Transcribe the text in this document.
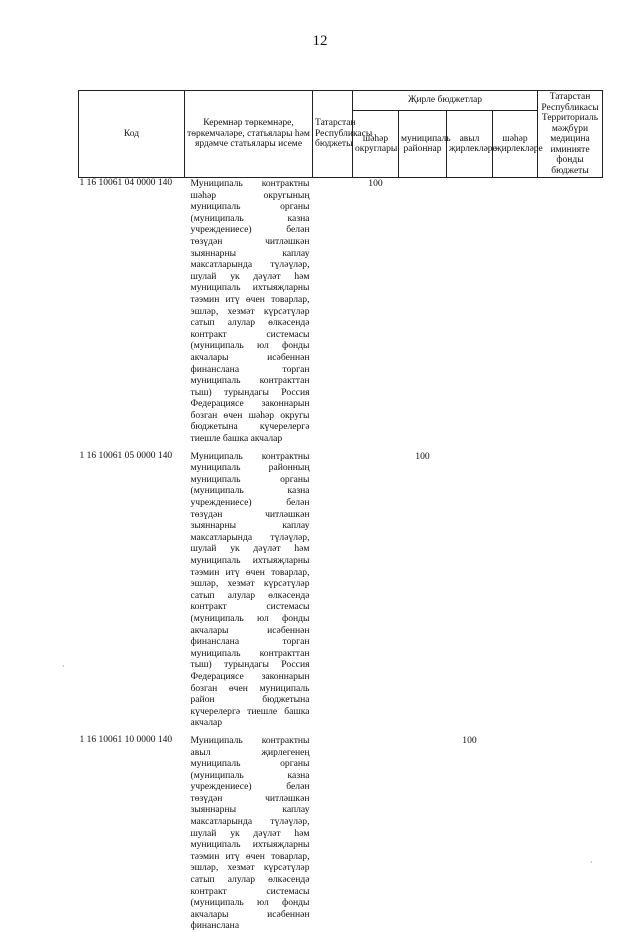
12
Код	Керемнәр төркемнәре, төркемчәләре, статьялары һәм ярдәмче статьялары исеме	Татарстан Республикасы бюджеты	Җирле бюджетлар				Татарстан Республикасы Территориаль мәҗбүри медицина иминияте фонды бюджеты
			шәһәр округлары	муниципаль районнар	авыл җирлекләре	шәһәр җирлекләре	
1 16 10061 04 0000 140	Муниципаль контрактны шәһәр округының муниципаль органы (муниципаль казна учреждениесе) белән төзүдән читләшкән зыяннарны каплау максатларында түләүләр, шулай ук дәүләт һәм муниципаль ихтыяҗларны тәэмин итү өчен товарлар, эшләр, хезмәт күрсәтүләр сатып алулар өлкәсендә контракт системасы (муниципаль юл фонды акчалары исәбеннән финанслана торган муниципаль контракттан тыш) турындагы Россия Федерациясе законнарын бозган өчен шәһәр округы бюджетына күчерелергә тиешле башка акчалар		100				
1 16 10061 05 0000 140	Муниципаль контрактны муниципаль районның муниципаль органы (муниципаль казна учреждениесе) белән төзүдән читләшкән зыяннарны каплау максатларында түләүләр, шулай ук дәүләт һәм муниципаль ихтыяҗларны тәэмин итү өчен товарлар, эшләр, хезмәт күрсәтүләр сатып алулар өлкәсендә контракт системасы (муниципаль юл фонды акчалары исәбеннән финанслана торган муниципаль контракттан тыш) турындагы Россия Федерациясе законнарын бозган өчен муниципаль район бюджетына күчерелергә тиешле башка акчалар			100			
1 16 10061 10 0000 140	Муниципаль контрактны авыл җирлегенең муниципаль органы (муниципаль казна учреждениесе) белән төзүдән читләшкән зыяннарны каплау максатларында түләүләр, шулай ук дәүләт һәм муниципаль ихтыяҗларны тәэмин итү өчен товарлар, эшләр, хезмәт күрсәтүләр сатып алулар өлкәсендә контракт системасы (муниципаль юл фонды акчалары исәбеннән финанслана				100		
·
·
